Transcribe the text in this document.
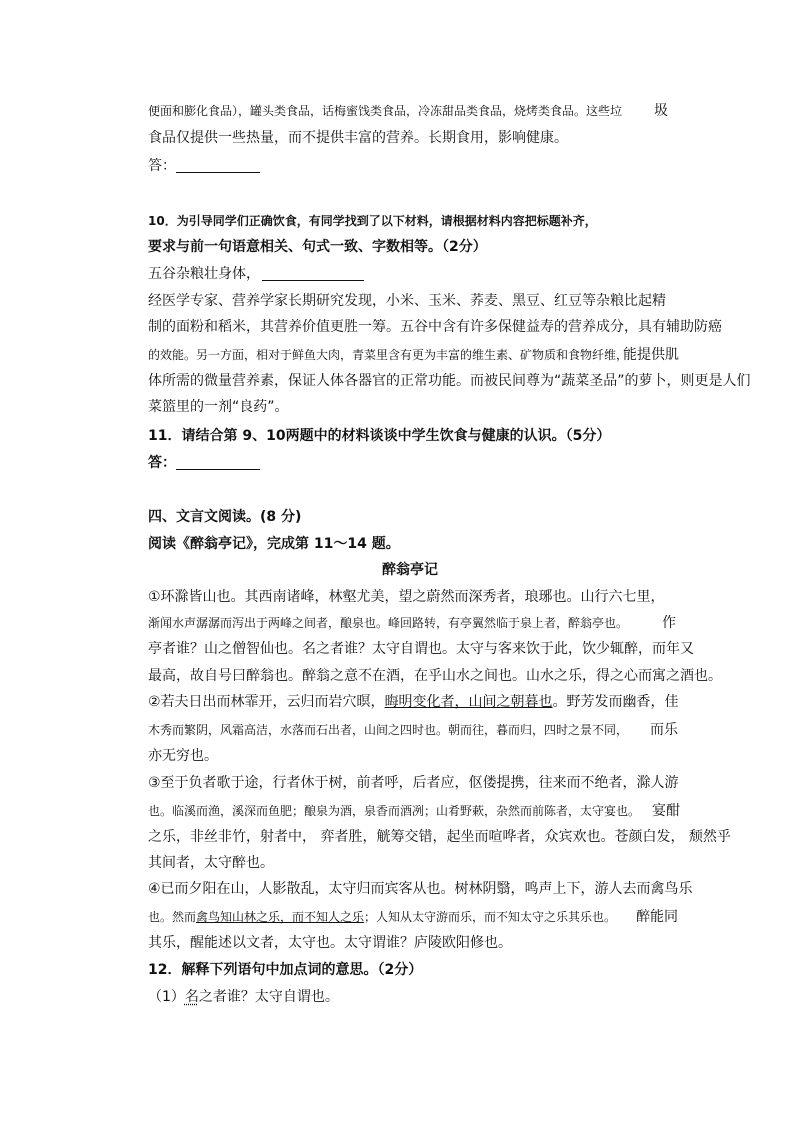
便面和膨化食品），罐头类食品，话梅蜜饯类食品，冷冻甜品类食品，烧烤类食品。这些垃 圾
食品仅提供一些热量，而不提供丰富的营养。长期食用，影响健康。
答：
10．为引导同学们正确饮食，有同学找到了以下材料，请根据材料内容把标题补齐，
要求与前一句语意相关、句式一致、字数相等。（2分）
五谷杂粮壮身体，
经医学专家、营养学家长期研究发现，小米、玉米、荞麦、黑豆、红豆等杂粮比起精
制的面粉和稻米，其营养价值更胜一筹。五谷中含有许多保健益寿的营养成分，具有辅助防癌
的效能。另一方面，相对于鲜鱼大肉，青菜里含有更为丰富的维生素、矿物质和食物纤维，
能提供肌
体所需的微量营养素，保证人体各器官的正常功能。而被民间尊为“蔬菜圣品”的萝卜，则更是人们
菜篮里的一剂“良药”。
11．请结合第 9、10两题中的材料谈谈中学生饮食与健康的认识。（5分）
答：
四、文言文阅读。(8 分)
阅读《醉翁亭记》，完成第 11～14 题。
醉翁亭记
①环滁皆山也。其西南诸峰，林壑尤美，望之蔚然而深秀者，琅琊也。山行六七里，
渐闻水声潺潺而泻出于两峰之间者，酿泉也。峰回路转，有亭翼然临于泉上者，醉翁亭也。 作
亭者谁？山之僧智仙也。名之者谁？太守自谓也。太守与客来饮于此，饮少辄醉，而年又
最高，故自号曰醉翁也。醉翁之意不在酒，在乎山水之间也。山水之乐，得之心而寓之酒也。
②若夫日出而林霏开，云归而岩穴暝，晦明变化者，山间之朝暮也。野芳发而幽香，佳
木秀而繁阴，风霜高洁，水落而石出者，山间之四时也。朝而往，暮而归，四时之景不同， 而乐
亦无穷也。
③至于负者歌于途，行者休于树，前者呼，后者应，伛偻提携，往来而不绝者，滁人游
也。临溪而渔，溪深而鱼肥；酿泉为酒，泉香而酒冽；山肴野蔌，杂然而前陈者，太守宴也。 宴酣
之乐，非丝非竹，射者中， 弈者胜，觥筹交错，起坐而喧哗者，众宾欢也。苍颜白发， 颓然乎
其间者，太守醉也。
④已而夕阳在山，人影散乱，太守归而宾客从也。树林阴翳，鸣声上下，游人去而禽鸟乐
也。然而禽鸟知山林之乐，而不知人之乐；人知从太守游而乐，而不知太守之乐其乐也。 醉能同
其乐，醒能述以文者，太守也。太守谓谁？庐陵欧阳修也。
12．解释下列语句中加点词的意思。（2分）
（1）名之者谁？太守自谓也。
